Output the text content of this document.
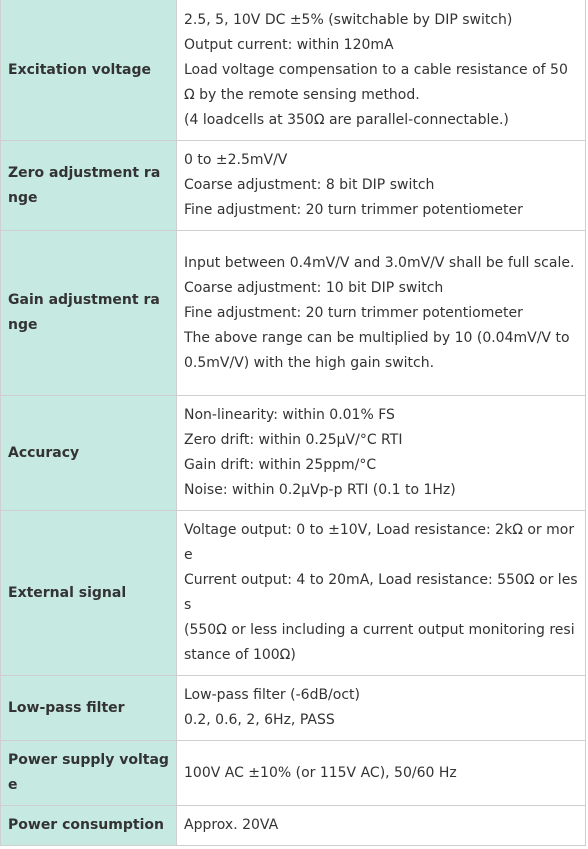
Excitation voltage	2.5, 5, 10V DC ±5% (switchable by DIP switch)
Output current: within 120mA
Load voltage compensation to a cable resistance of 50Ω by the remote sensing method.
(4 loadcells at 350Ω are parallel-connectable.)

Zero adjustment range	0 to ±2.5mV/V
Coarse adjustment: 8 bit DIP switch
Fine adjustment: 20 turn trimmer potentiometer

Gain adjustment range	Input between 0.4mV/V and 3.0mV/V shall be full scale.
Coarse adjustment: 10 bit DIP switch
Fine adjustment: 20 turn trimmer potentiometer
The above range can be multiplied by 10 (0.04mV/V to 0.5mV/V) with the high gain switch.

Accuracy	Non-linearity: within 0.01% FS
Zero drift: within 0.25μV/°C RTI
Gain drift: within 25ppm/°C
Noise: within 0.2μVp-p RTI (0.1 to 1Hz)

External signal	Voltage output: 0 to ±10V, Load resistance: 2kΩ or more
Current output: 4 to 20mA, Load resistance: 550Ω or less
(550Ω or less including a current output monitoring resistance of 100Ω)

Low-pass filter	Low-pass filter (-6dB/oct)
0.2, 0.6, 2, 6Hz, PASS

Power supply voltage	100V AC ±10% (or 115V AC), 50/60 Hz

Power consumption	Approx. 20VA
